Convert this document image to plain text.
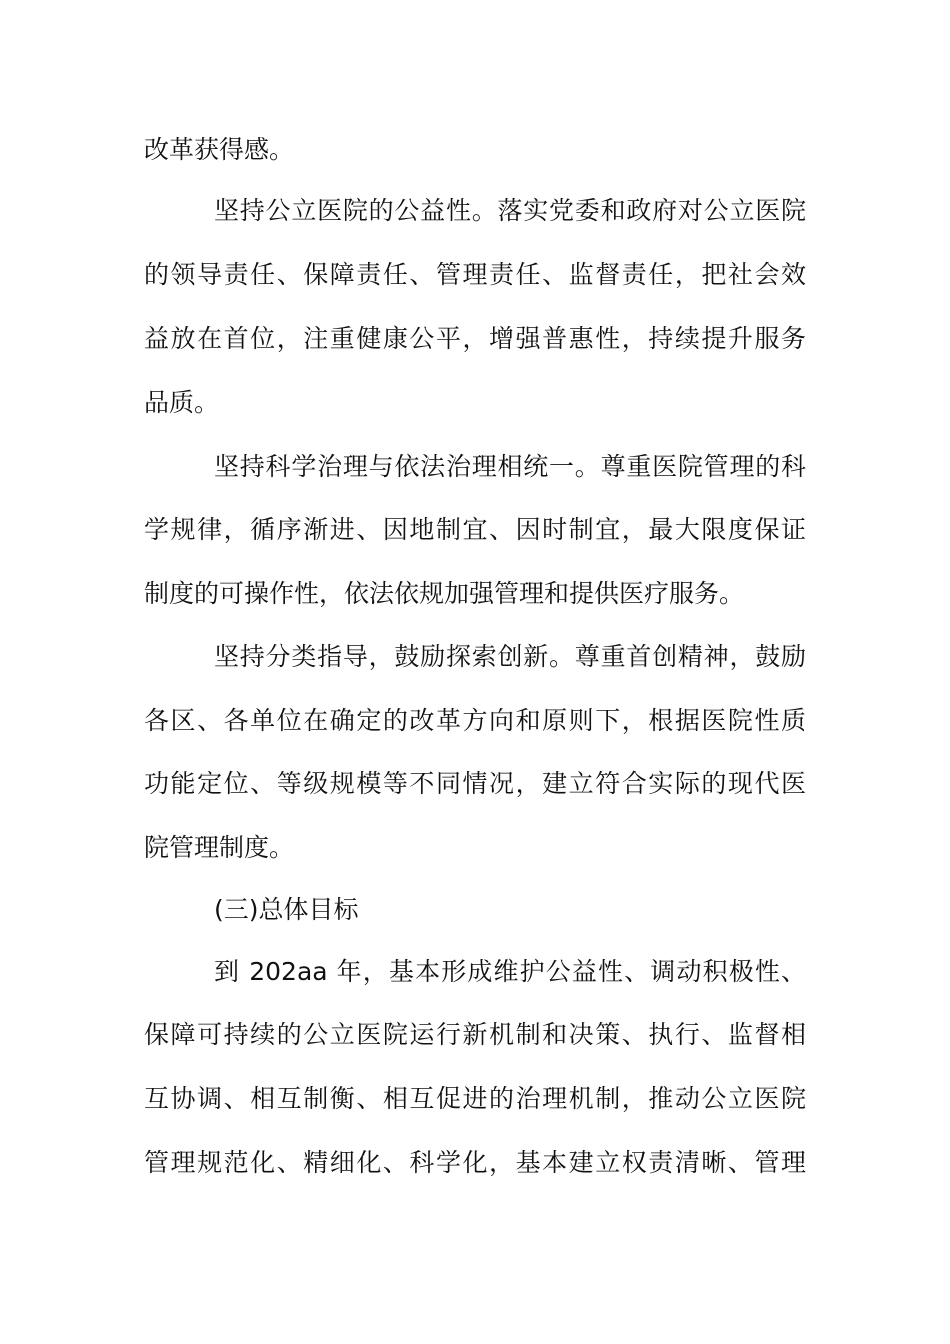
改革获得感。
坚持公立医院的公益性。落实党委和政府对公立医院
的领导责任、保障责任、管理责任、监督责任，把社会效
益放在首位，注重健康公平，增强普惠性，持续提升服务
品质。
坚持科学治理与依法治理相统一。尊重医院管理的科
学规律，循序渐进、因地制宜、因时制宜，最大限度保证
制度的可操作性，依法依规加强管理和提供医疗服务。
坚持分类指导，鼓励探索创新。尊重首创精神，鼓励
各区、各单位在确定的改革方向和原则下，根据医院性质
功能定位、等级规模等不同情况，建立符合实际的现代医
院管理制度。
(三)总体目标
到 202aa 年，基本形成维护公益性、调动积极性、
保障可持续的公立医院运行新机制和决策、执行、监督相
互协调、相互制衡、相互促进的治理机制，推动公立医院
管理规范化、精细化、科学化，基本建立权责清晰、管理
